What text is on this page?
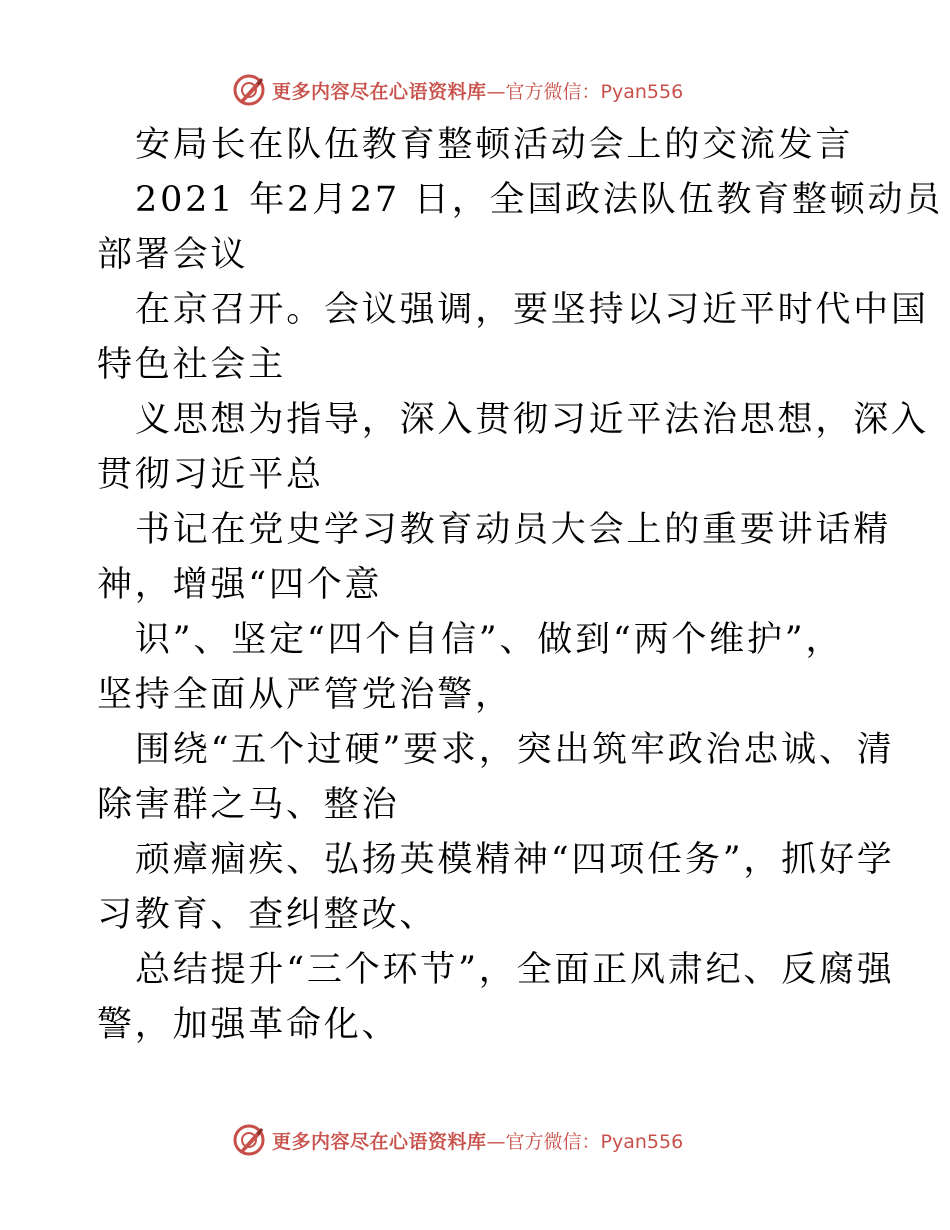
更多内容尽在心语资料库 —官方微信：Pyan556
安局长在队伍教育整顿活动会上的交流发言
2021 年2月27 日，全国政法队伍教育整顿动员
部署会议
在京召开。会议强调，要坚持以习近平时代中国
特色社会主
义思想为指导，深入贯彻习近平法治思想，深入
贯彻习近平总
书记在党史学习教育动员大会上的重要讲话精
神，增强“四个意
识”、坚定“四个自信”、做到“两个维护”，
坚持全面从严管党治警，
围绕“五个过硬”要求，突出筑牢政治忠诚、清
除害群之马、整治
顽瘴痼疾、弘扬英模精神“四项任务”，抓好学
习教育、查纠整改、
总结提升“三个环节”，全面正风肃纪、反腐强
警，加强革命化、
更多内容尽在心语资料库 —官方微信：Pyan556
